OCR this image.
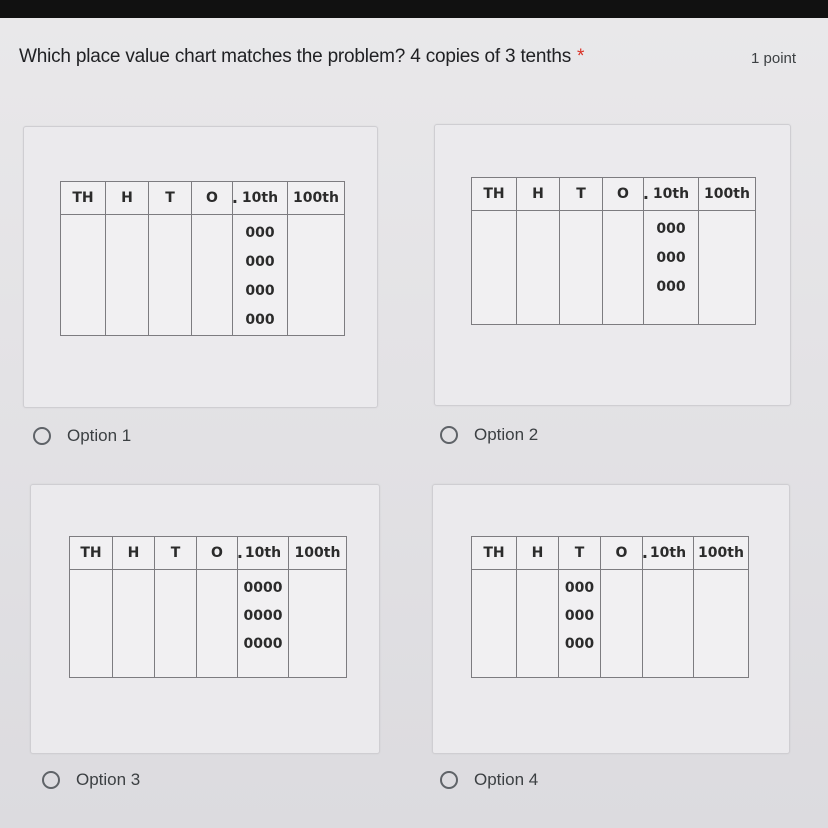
Which place value chart matches the problem? 4 copies of 3 tenths *	1 point
TH	H	T	O .	10th	100th

				000
000
000
000	

Option 1
TH	H	T	O .	10th	100th

				000
000
000	

Option 2
TH	H	T	O .	10th	100th

				0000
0000
0000	

Option 3
TH	H	T	O .	10th	100th

		000
000
000			

Option 4
